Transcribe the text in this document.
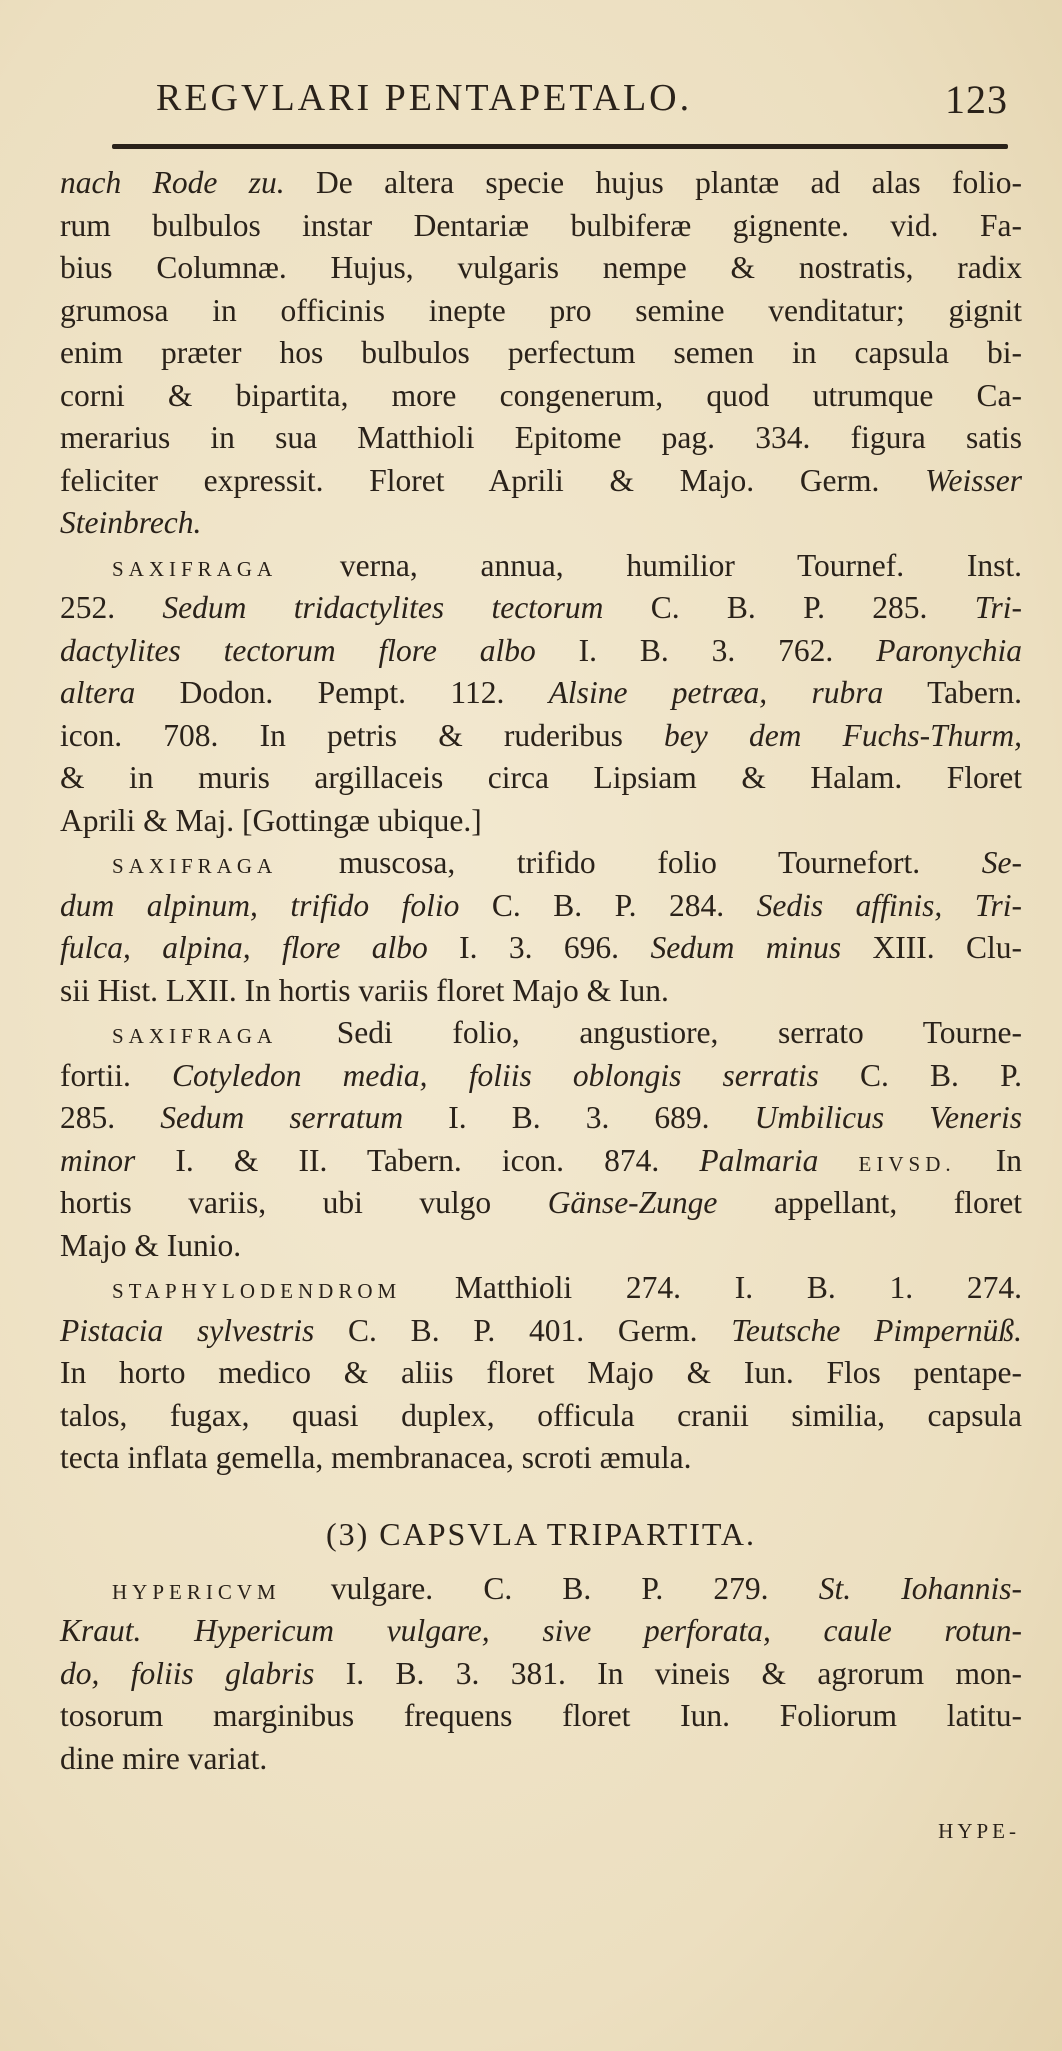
REGVLARI PENTAPETALO.	123
nach Rode zu. De altera specie hujus plantæ ad alas folio-
rum bulbulos instar Dentariæ bulbiferæ gignente. vid. Fa-
bius Columnæ. Hujus, vulgaris nempe & nostratis, radix
grumosa in officinis inepte pro semine venditatur; gignit
enim præter hos bulbulos perfectum semen in capsula bi-
corni & bipartita, more congenerum, quod utrumque Ca-
merarius in sua Matthioli Epitome pag. 334. figura satis
feliciter expressit. Floret Aprili & Majo. Germ. Weisser
Steinbrech.
SAXIFRAGA verna, annua, humilior Tournef. Inst.
252. Sedum tridactylites tectorum C. B. P. 285. Tri-
dactylites tectorum flore albo I. B. 3. 762. Paronychia
altera Dodon. Pempt. 112. Alsine petræa, rubra Tabern.
icon. 708. In petris & ruderibus bey dem Fuchs-Thurm,
& in muris argillaceis circa Lipsiam & Halam. Floret
Aprili & Maj. [Gottingæ ubique.]
SAXIFRAGA muscosa, trifido folio Tournefort. Se-
dum alpinum, trifido folio C. B. P. 284. Sedis affinis, Tri-
fulca, alpina, flore albo I. 3. 696. Sedum minus XIII. Clu-
sii Hist. LXII. In hortis variis floret Majo & Iun.
SAXIFRAGA Sedi folio, angustiore, serrato Tourne-
fortii. Cotyledon media, foliis oblongis serratis C. B. P.
285. Sedum serratum I. B. 3. 689. Umbilicus Veneris
minor I. & II. Tabern. icon. 874. Palmaria EIVSD. In
hortis variis, ubi vulgo Gänse-Zunge appellant, floret
Majo & Iunio.
STAPHYLODENDROM Matthioli 274. I. B. 1. 274.
Pistacia sylvestris C. B. P. 401. Germ. Teutsche Pimpernüß.
In horto medico & aliis floret Majo & Iun. Flos pentape-
talos, fugax, quasi duplex, officula cranii similia, capsula
tecta inflata gemella, membranacea, scroti æmula.
(3) CAPSVLA TRIPARTITA.
HYPERICVM vulgare. C. B. P. 279. St. Iohannis-
Kraut. Hypericum vulgare, sive perforata, caule rotun-
do, foliis glabris I. B. 3. 381. In vineis & agrorum mon-
tosorum marginibus frequens floret Iun. Foliorum latitu-
dine mire variat.
HYPE-
